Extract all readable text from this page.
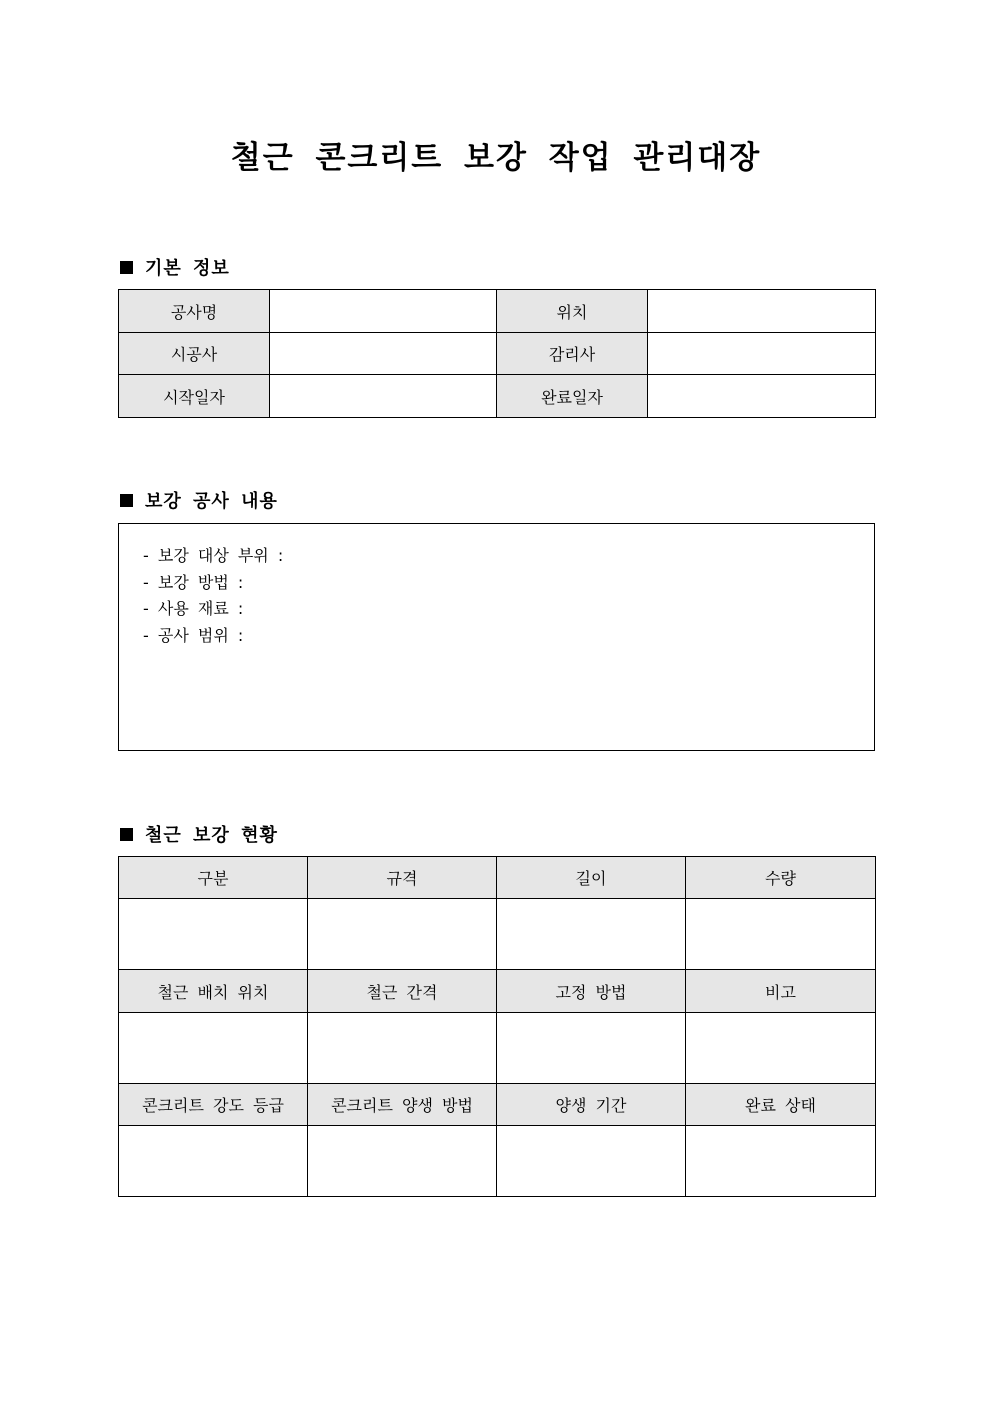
철근 콘크리트 보강 작업 관리대장
기본 정보
공사명		위치	
시공사		감리사	
시작일자		완료일자	
보강 공사 내용
- 보강 대상 부위 :
- 보강 방법 :
- 사용 재료 :
- 공사 범위 :
철근 보강 현황
구분	규격	길이	수량

철근 배치 위치	철근 간격	고정 방법	비고

콘크리트 강도 등급	콘크리트 양생 방법	양생 기간	완료 상태
